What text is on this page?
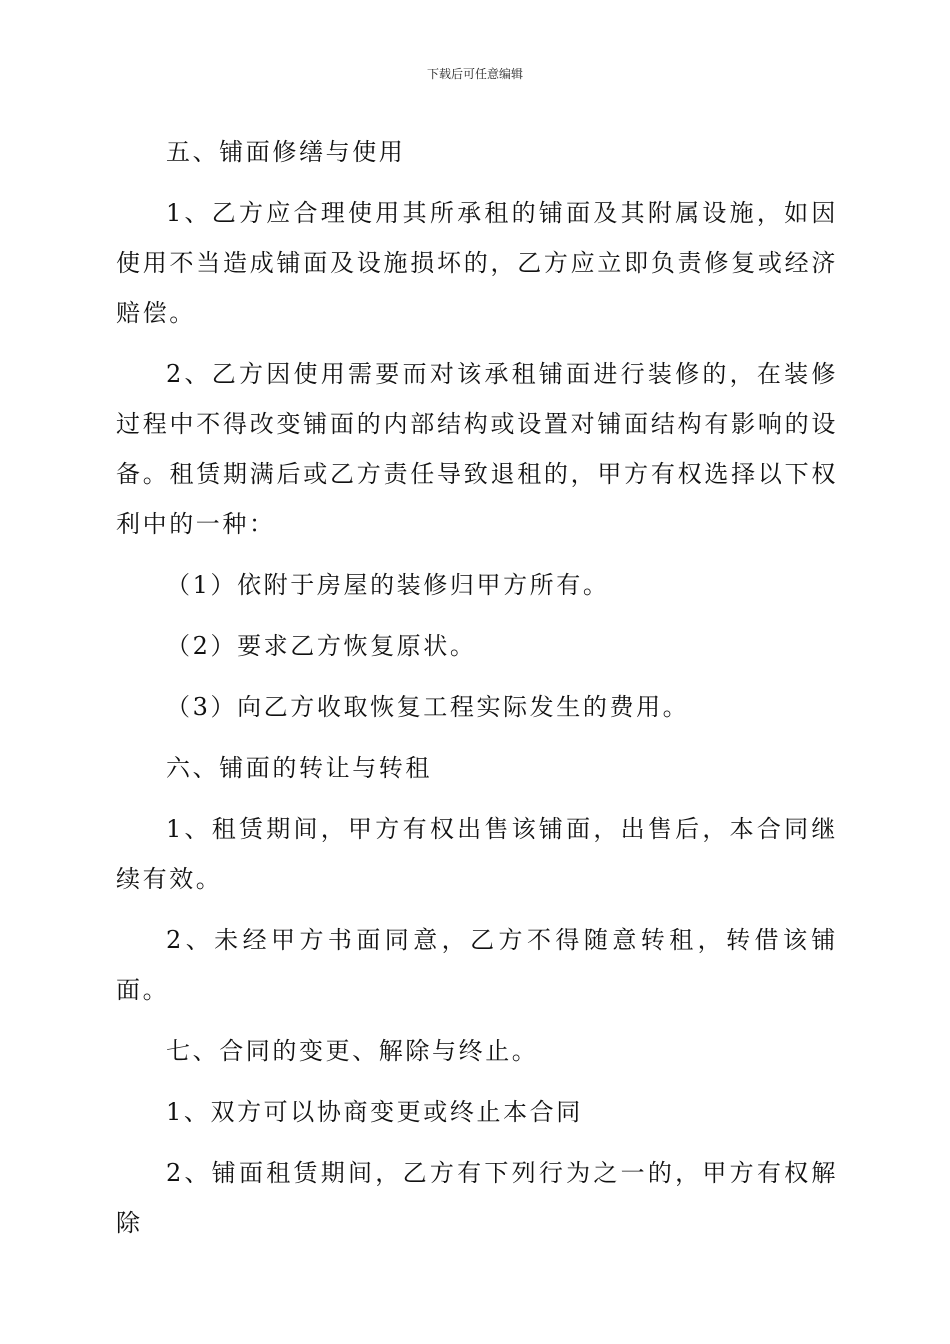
下载后可任意编辑

五、铺面修缮与使用

1、乙方应合理使用其所承租的铺面及其附属设施，如因使用不当造成铺面及设施损坏的，乙方应立即负责修复或经济赔偿。

2、乙方因使用需要而对该承租铺面进行装修的，在装修过程中不得改变铺面的内部结构或设置对铺面结构有影响的设备。租赁期满后或乙方责任导致退租的，甲方有权选择以下权利中的一种：

（1）依附于房屋的装修归甲方所有。

（2）要求乙方恢复原状。

（3）向乙方收取恢复工程实际发生的费用。

六、铺面的转让与转租

1、租赁期间，甲方有权出售该铺面，出售后，本合同继续有效。

2、未经甲方书面同意，乙方不得随意转租，转借该铺面。

七、合同的变更、解除与终止。

1、双方可以协商变更或终止本合同

2、铺面租赁期间，乙方有下列行为之一的，甲方有权解除
